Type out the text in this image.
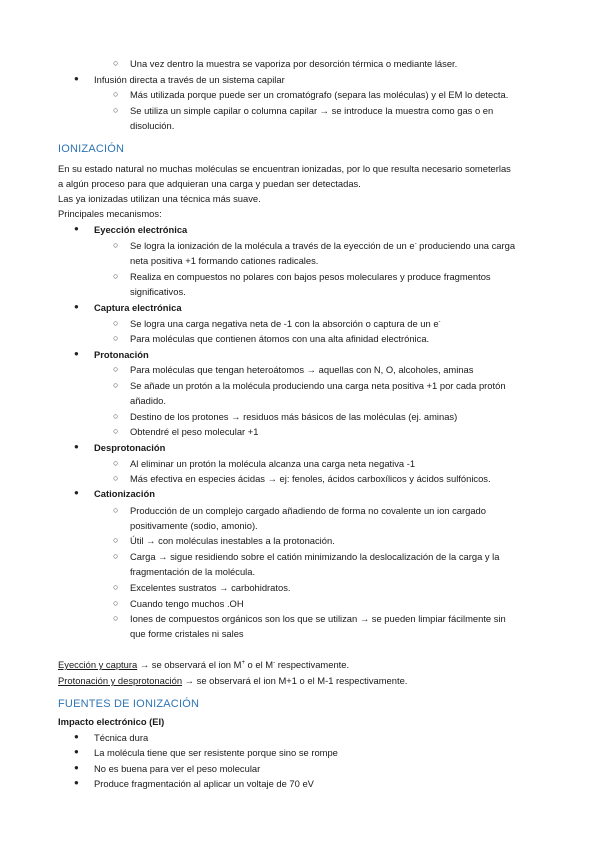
○ Una vez dentro la muestra se vaporiza por desorción térmica o mediante láser.
● Infusión directa a través de un sistema capilar
○ Más utilizada porque puede ser un cromatógrafo (separa las moléculas) y el EM lo detecta.
○ Se utiliza un simple capilar o columna capilar → se introduce la muestra como gas o en
disolución.
IONIZACIÓN
En su estado natural no muchas moléculas se encuentran ionizadas, por lo que resulta necesario someterlas
a algún proceso para que adquieran una carga y puedan ser detectadas.
Las ya ionizadas utilizan una técnica más suave.
Principales mecanismos:
● Eyección electrónica
○ Se logra la ionización de la molécula a través de la eyección de un e- produciendo una carga
neta positiva +1 formando cationes radicales.
○ Realiza en compuestos no polares con bajos pesos moleculares y produce fragmentos
significativos.
● Captura electrónica
○ Se logra una carga negativa neta de -1 con la absorción o captura de un e-
○ Para moléculas que contienen átomos con una alta afinidad electrónica.
● Protonación
○ Para moléculas que tengan heteroátomos → aquellas con N, O, alcoholes, aminas
○ Se añade un protón a la molécula produciendo una carga neta positiva +1 por cada protón
añadido.
○ Destino de los protones → residuos más básicos de las moléculas (ej. aminas)
○ Obtendré el peso molecular +1
● Desprotonación
○ Al eliminar un protón la molécula alcanza una carga neta negativa -1
○ Más efectiva en especies ácidas → ej: fenoles, ácidos carboxílicos y ácidos sulfónicos.
● Cationización
○ Producción de un complejo cargado añadiendo de forma no covalente un ion cargado
positivamente (sodio, amonio).
○ Útil → con moléculas inestables a la protonación.
○ Carga → sigue residiendo sobre el catión minimizando la deslocalización de la carga y la
fragmentación de la molécula.
○ Excelentes sustratos → carbohidratos.
○ Cuando tengo muchos .OH
○ Iones de compuestos orgánicos son los que se utilizan → se pueden limpiar fácilmente sin
que forme cristales ni sales
Eyección y captura → se observará el ion M+ o el M- respectivamente.
Protonación y desprotonación → se observará el ion M+1 o el M-1 respectivamente.
FUENTES DE IONIZACIÓN
Impacto electrónico (EI)
● Técnica dura
● La molécula tiene que ser resistente porque sino se rompe
● No es buena para ver el peso molecular
● Produce fragmentación al aplicar un voltaje de 70 eV
